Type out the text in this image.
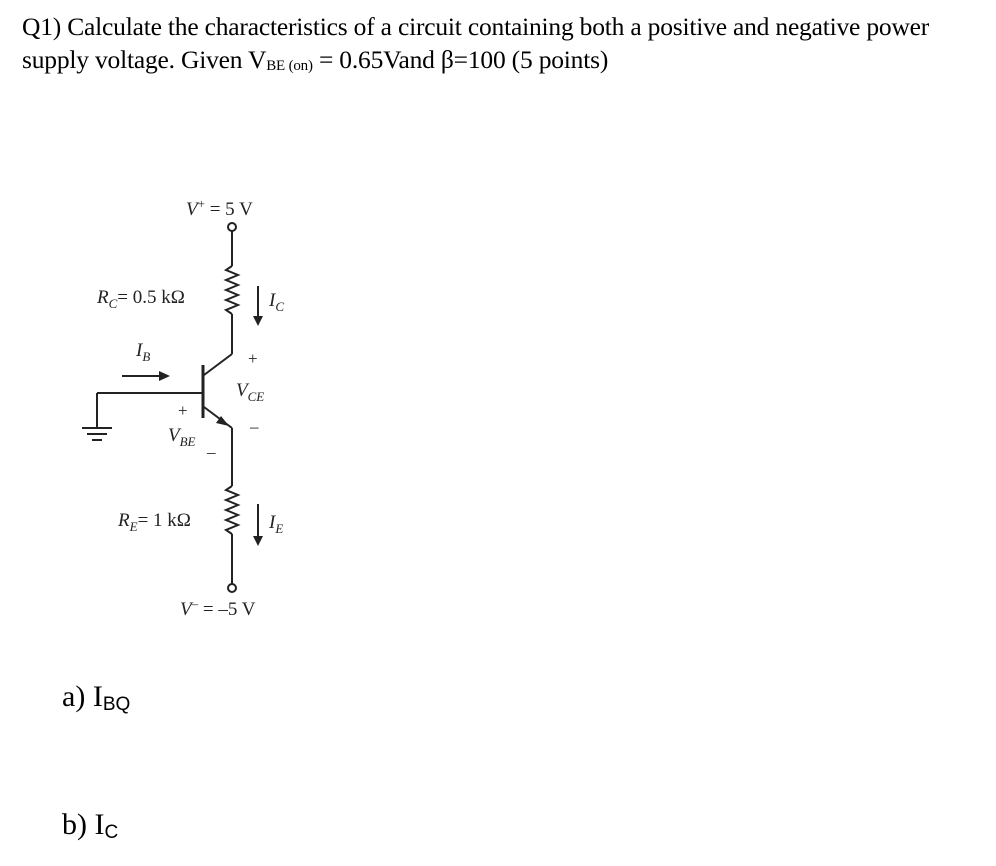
Q1) Calculate the characteristics of a circuit containing both a positive and negative power supply voltage. Given $V_{BE (on)}$ = 0.65Vand β=100 (5 points)
V+ = 5 V
$R_C= 0.5$ kΩ	$I_C$
$I_B$	+
$V_{CE}$
–
+
$V_{BE}$ _
$R_E= 1$ kΩ	$I_E$
V– = –5 V
a) $I_{BQ}$
b) $I_C$
